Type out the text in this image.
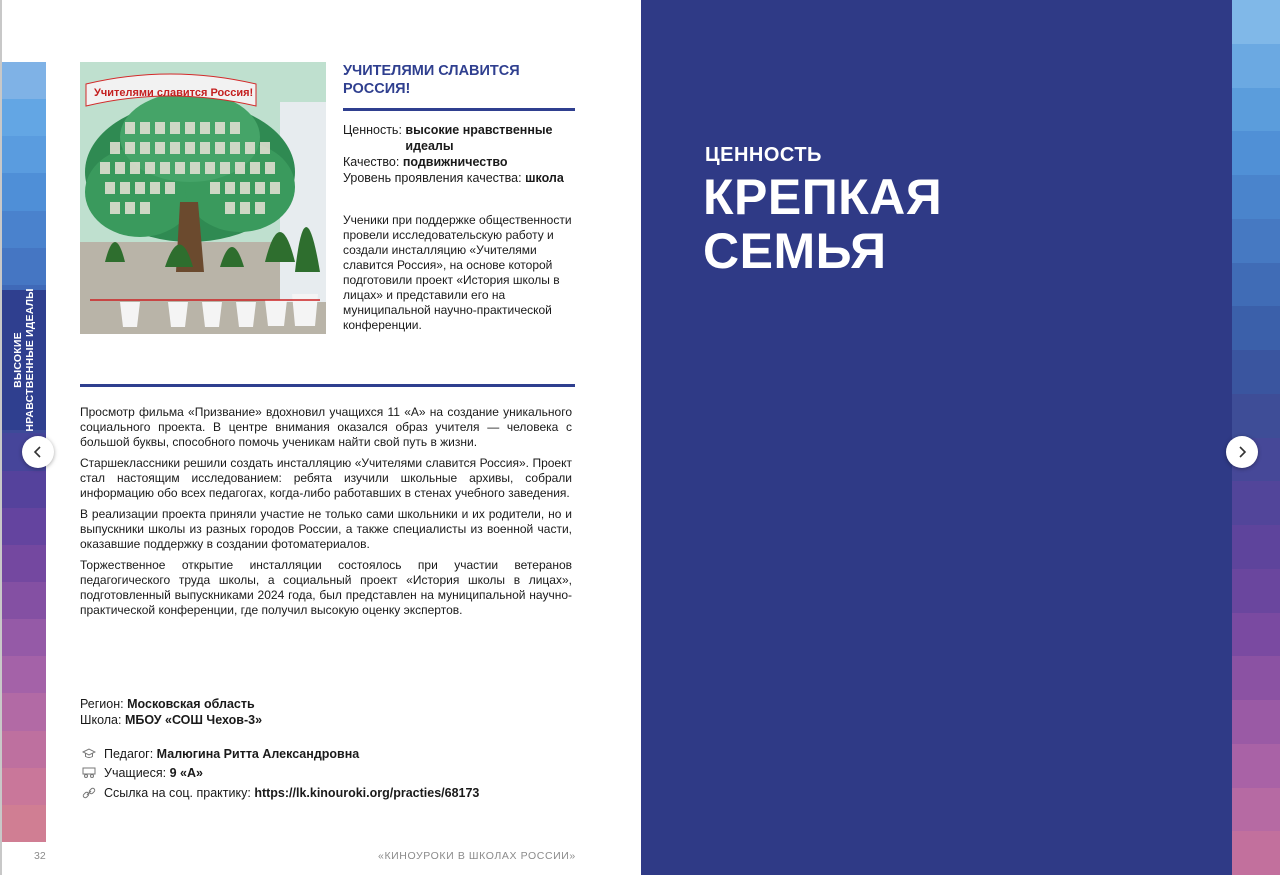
ВЫСОКИЕ
НРАВСТВЕННЫЕ ИДЕАЛЫ
Учителями славится Россия!
УЧИТЕЛЯМИ СЛАВИТСЯ РОССИЯ!
Ценность: высокие нравственные идеалы
Качество: подвижничество
Уровень проявления качества: школа
Ученики при поддержке общественности провели исследовательскую работу и создали инсталляцию «Учителями славится Россия», на основе которой подготовили проект «История школы в лицах» и представили его на муниципальной научно-практической конференции.

Просмотр фильма «Призвание» вдохновил учащихся 11 «А» на создание уникального социального проекта. В центре внимания оказался образ учителя — человека с большой буквы, способного помочь ученикам найти свой путь в жизни.

Старшеклассники решили создать инсталляцию «Учителями славится Россия». Проект стал настоящим исследованием: ребята изучили школьные архивы, собрали информацию обо всех педагогах, когда-либо работавших в стенах учебного заведения.

В реализации проекта приняли участие не только сами школьники и их родители, но и выпускники школы из разных городов России, а также специалисты из военной части, оказавшие поддержку в создании фотоматериалов.

Торжественное открытие инсталляции состоялось при участии ветеранов педагогического труда школы, а социальный проект «История школы в лицах», подготовленный выпускниками 2024 года, был представлен на муниципальной научно-практической конференции, где получил высокую оценку экспертов.

Регион: Московская область
Школа: МБОУ «СОШ Чехов-3»
Педагог:
Малюгина Ритта Александровна
Учащиеся:
9 «А»
Ссылка на соц. практику:
https://lk.kinouroki.org/practies/68173
32	«КИНОУРОКИ В ШКОЛАХ РОССИИ»
ЦЕННОСТЬ
КРЕПКАЯ
СЕМЬЯ
